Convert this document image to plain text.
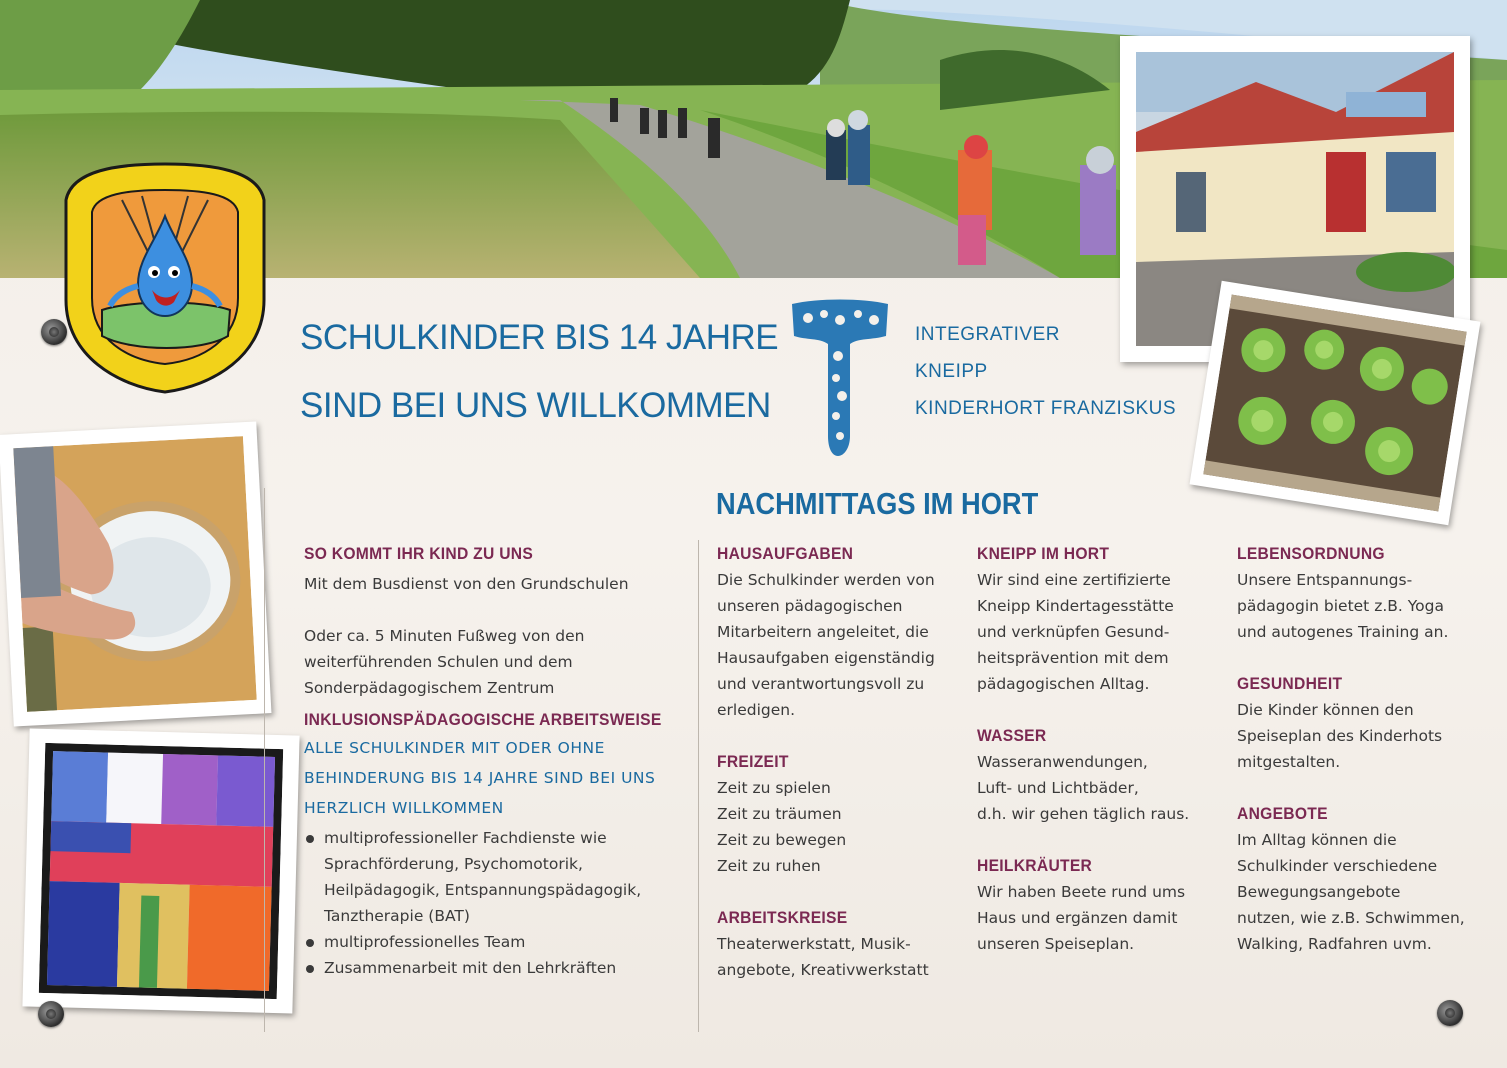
SCHULKINDER BIS 14 JAHRE
SIND BEI UNS WILLKOMMEN
INTEGRATIVER
KNEIPP
KINDERHORT FRANZISKUS
NACHMITTAGS IM HORT
SO KOMMT IHR KIND ZU UNS
Mit dem Busdienst von den Grundschulen
Oder ca. 5 Minuten Fußweg von den
weiterführenden Schulen und dem
Sonderpädagogischem Zentrum
INKLUSIONSPÄDAGOGISCHE ARBEITSWEISE
ALLE SCHULKINDER MIT ODER OHNE
BEHINDERUNG BIS 14 JAHRE SIND BEI UNS
HERZLICH WILLKOMMEN
multiprofessioneller Fachdienste wie
Sprachförderung, Psychomotorik,
Heilpädagogik, Entspannungspädagogik,
Tanztherapie (BAT)
multiprofessionelles Team
Zusammenarbeit mit den Lehrkräften
HAUSAUFGABEN
Die Schulkinder werden von
unseren pädagogischen
Mitarbeitern angeleitet, die
Hausaufgaben eigenständig
und verantwortungsvoll zu
erledigen.
FREIZEIT
Zeit zu spielen
Zeit zu träumen
Zeit zu bewegen
Zeit zu ruhen
ARBEITSKREISE
Theaterwerkstatt, Musik-
angebote, Kreativwerkstatt
KNEIPP IM HORT
Wir sind eine zertifizierte
Kneipp Kindertagesstätte
und verknüpfen Gesund-
heitsprävention mit dem
pädagogischen Alltag.
WASSER
Wasseranwendungen,
Luft- und Lichtbäder,
d.h. wir gehen täglich raus.
HEILKRÄUTER
Wir haben Beete rund ums
Haus und ergänzen damit
unseren Speiseplan.
LEBENSORDNUNG
Unsere Entspannungs-
pädagogin bietet z.B. Yoga
und autogenes Training an.
GESUNDHEIT
Die Kinder können den
Speiseplan des Kinderhots
mitgestalten.
ANGEBOTE
Im Alltag können die
Schulkinder verschiedene
Bewegungsangebote
nutzen, wie z.B. Schwimmen,
Walking, Radfahren uvm.
